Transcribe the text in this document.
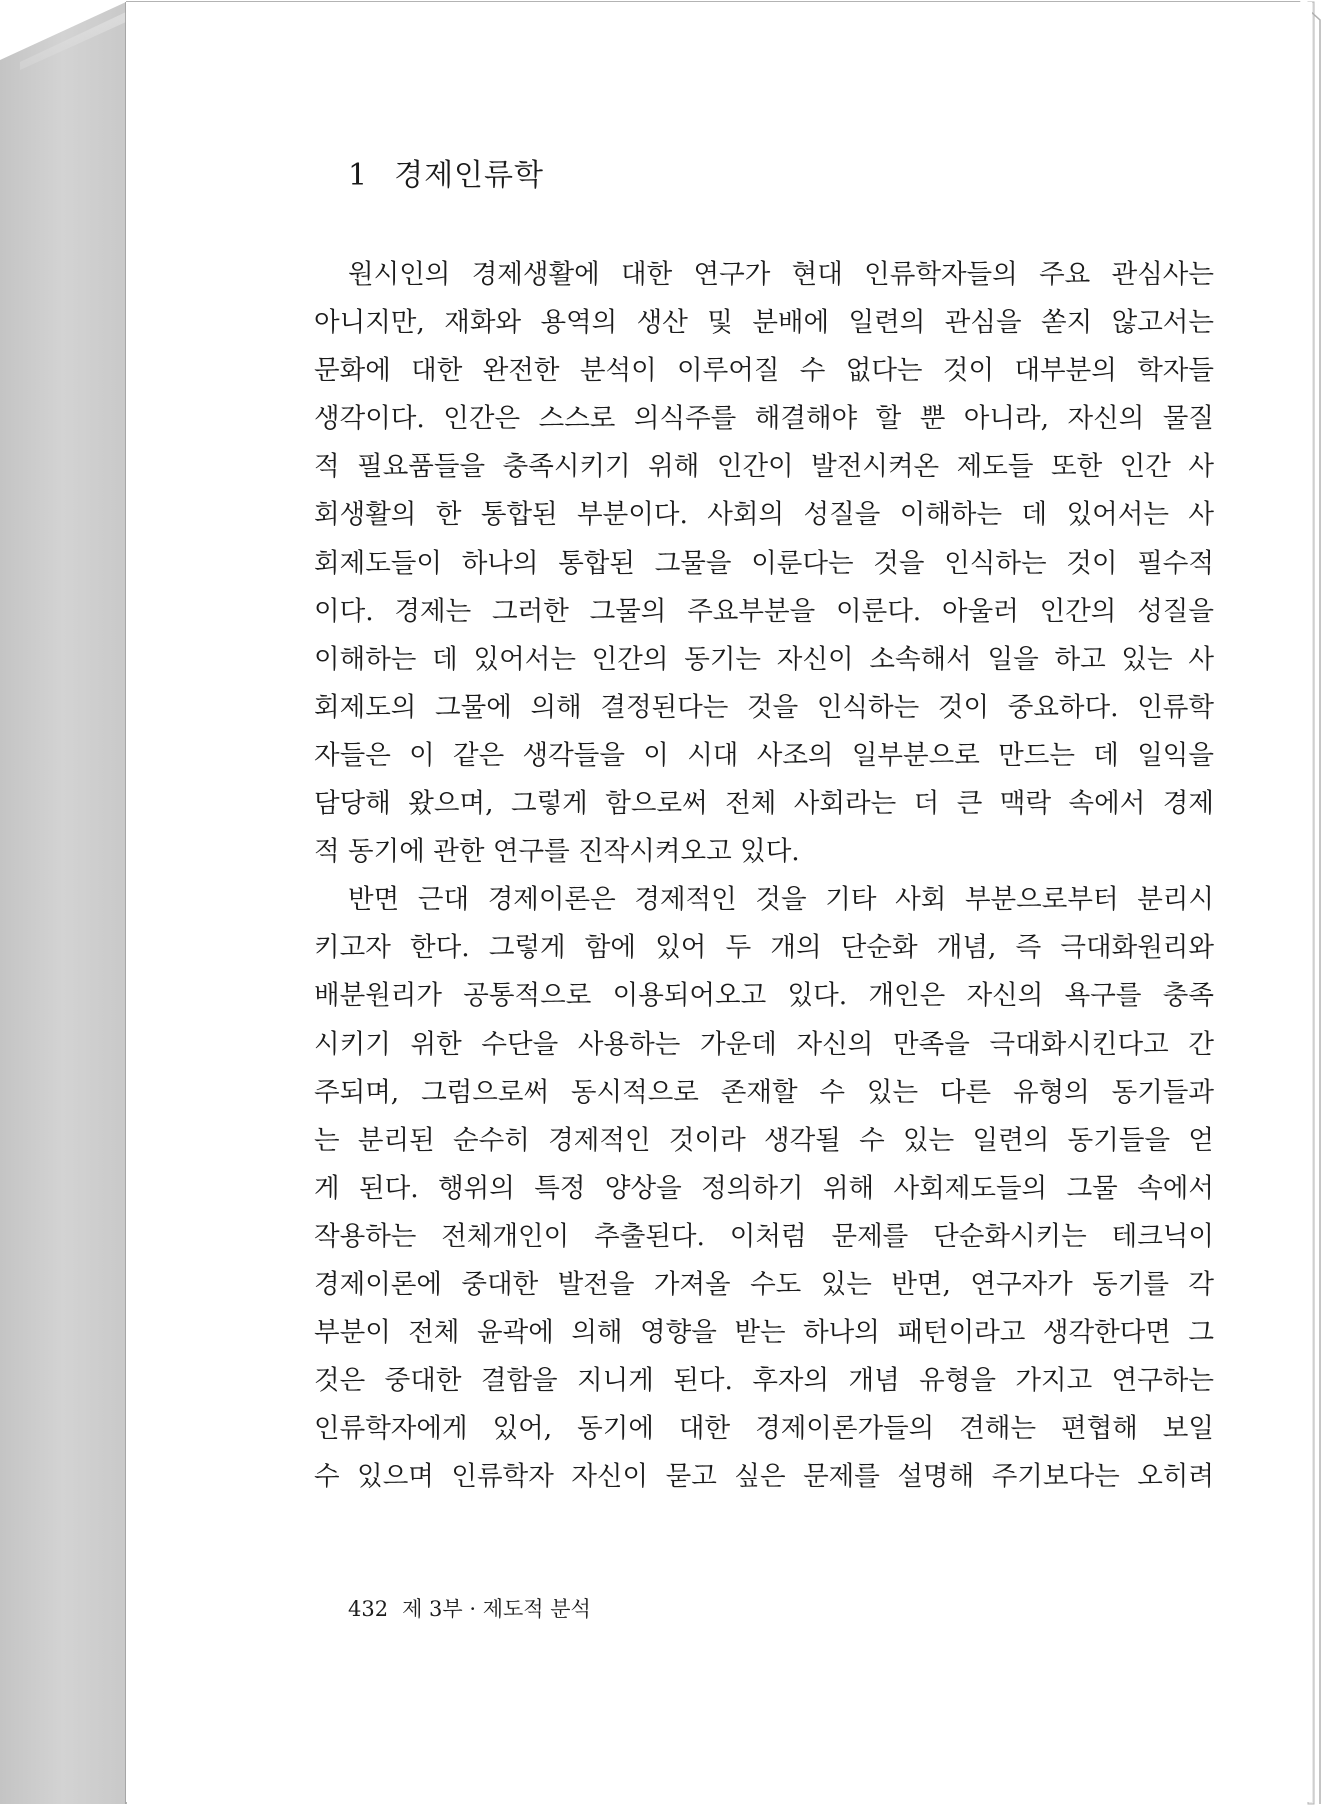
1 경제인류학
원시인의 경제생활에 대한 연구가 현대 인류학자들의 주요 관심사는
아니지만, 재화와 용역의 생산 및 분배에 일련의 관심을 쏟지 않고서는
문화에 대한 완전한 분석이 이루어질 수 없다는 것이 대부분의 학자들
생각이다. 인간은 스스로 의식주를 해결해야 할 뿐 아니라, 자신의 물질
적 필요품들을 충족시키기 위해 인간이 발전시켜온 제도들 또한 인간 사
회생활의 한 통합된 부분이다. 사회의 성질을 이해하는 데 있어서는 사
회제도들이 하나의 통합된 그물을 이룬다는 것을 인식하는 것이 필수적
이다. 경제는 그러한 그물의 주요부분을 이룬다. 아울러 인간의 성질을
이해하는 데 있어서는 인간의 동기는 자신이 소속해서 일을 하고 있는 사
회제도의 그물에 의해 결정된다는 것을 인식하는 것이 중요하다. 인류학
자들은 이 같은 생각들을 이 시대 사조의 일부분으로 만드는 데 일익을
담당해 왔으며, 그렇게 함으로써 전체 사회라는 더 큰 맥락 속에서 경제
적 동기에 관한 연구를 진작시켜오고 있다.
반면 근대 경제이론은 경제적인 것을 기타 사회 부분으로부터 분리시
키고자 한다. 그렇게 함에 있어 두 개의 단순화 개념, 즉 극대화원리와
배분원리가 공통적으로 이용되어오고 있다. 개인은 자신의 욕구를 충족
시키기 위한 수단을 사용하는 가운데 자신의 만족을 극대화시킨다고 간
주되며, 그럼으로써 동시적으로 존재할 수 있는 다른 유형의 동기들과
는 분리된 순수히 경제적인 것이라 생각될 수 있는 일련의 동기들을 얻
게 된다. 행위의 특정 양상을 정의하기 위해 사회제도들의 그물 속에서
작용하는 전체개인이 추출된다. 이처럼 문제를 단순화시키는 테크닉이
경제이론에 중대한 발전을 가져올 수도 있는 반면, 연구자가 동기를 각
부분이 전체 윤곽에 의해 영향을 받는 하나의 패턴이라고 생각한다면 그
것은 중대한 결함을 지니게 된다. 후자의 개념 유형을 가지고 연구하는
인류학자에게 있어, 동기에 대한 경제이론가들의 견해는 편협해 보일
수 있으며 인류학자 자신이 묻고 싶은 문제를 설명해 주기보다는 오히려
432 제 3부 · 제도적 분석
